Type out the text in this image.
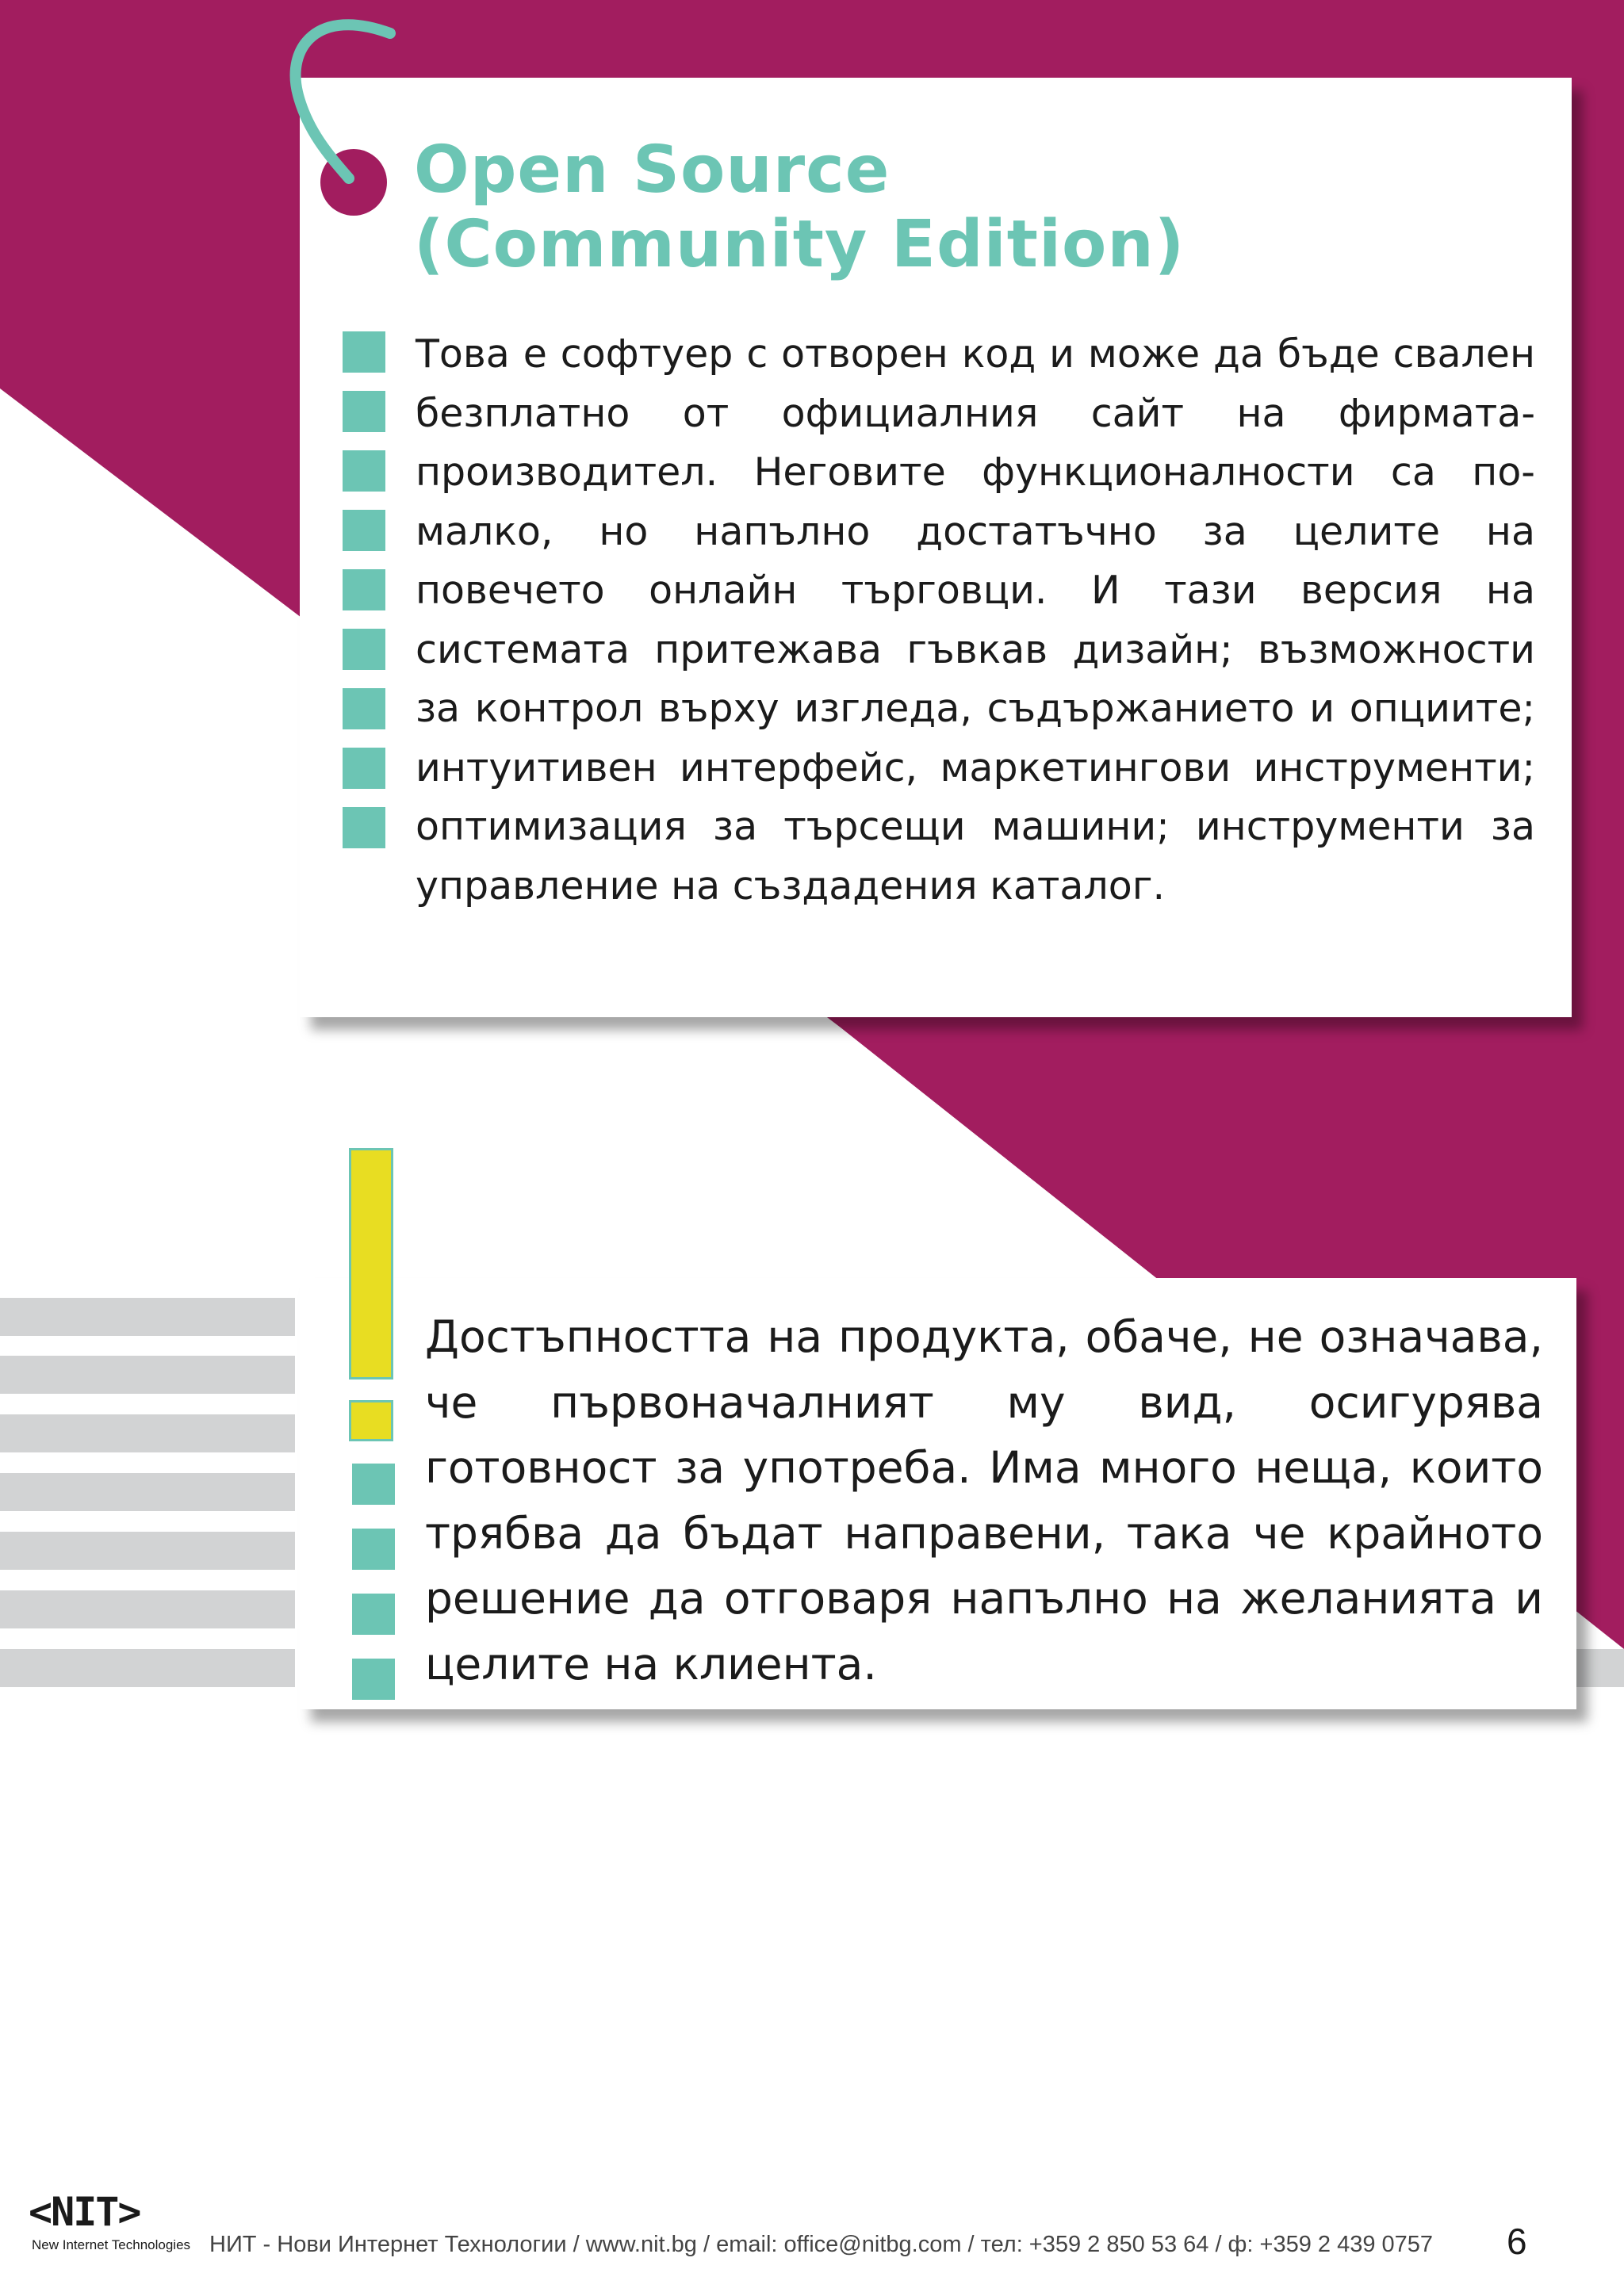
Open Source
(Community Edition)

Това е софтуер с отворен код и може да бъде свален безплатно от официалния сайт на фирмата-производител. Неговите функционалности са по-малко, но напълно достатъчно за целите на повечето онлайн търговци. И тази версия на системата притежава гъвкав дизайн; възможности за контрол върху изгледа, съдържанието и опциите; интуитивен интерфейс, маркетингови инструменти; оптимизация за търсещи машини; инструменти за управление на създадения каталог.

Достъпността на продукта, обаче, не означава, че първоначалният му вид, осигурява готовност за употреба. Има много неща, които трябва да бъдат направени, така че крайното решение да отговаря напълно на желанията и целите на клиента.

<NIT>
New Internet Technologies НИТ - Нови Интернет Технологии / www.nit.bg / email: office@nitbg.com / тел: +359 2 850 53 64 / ф: +359 2 439 0757 6
